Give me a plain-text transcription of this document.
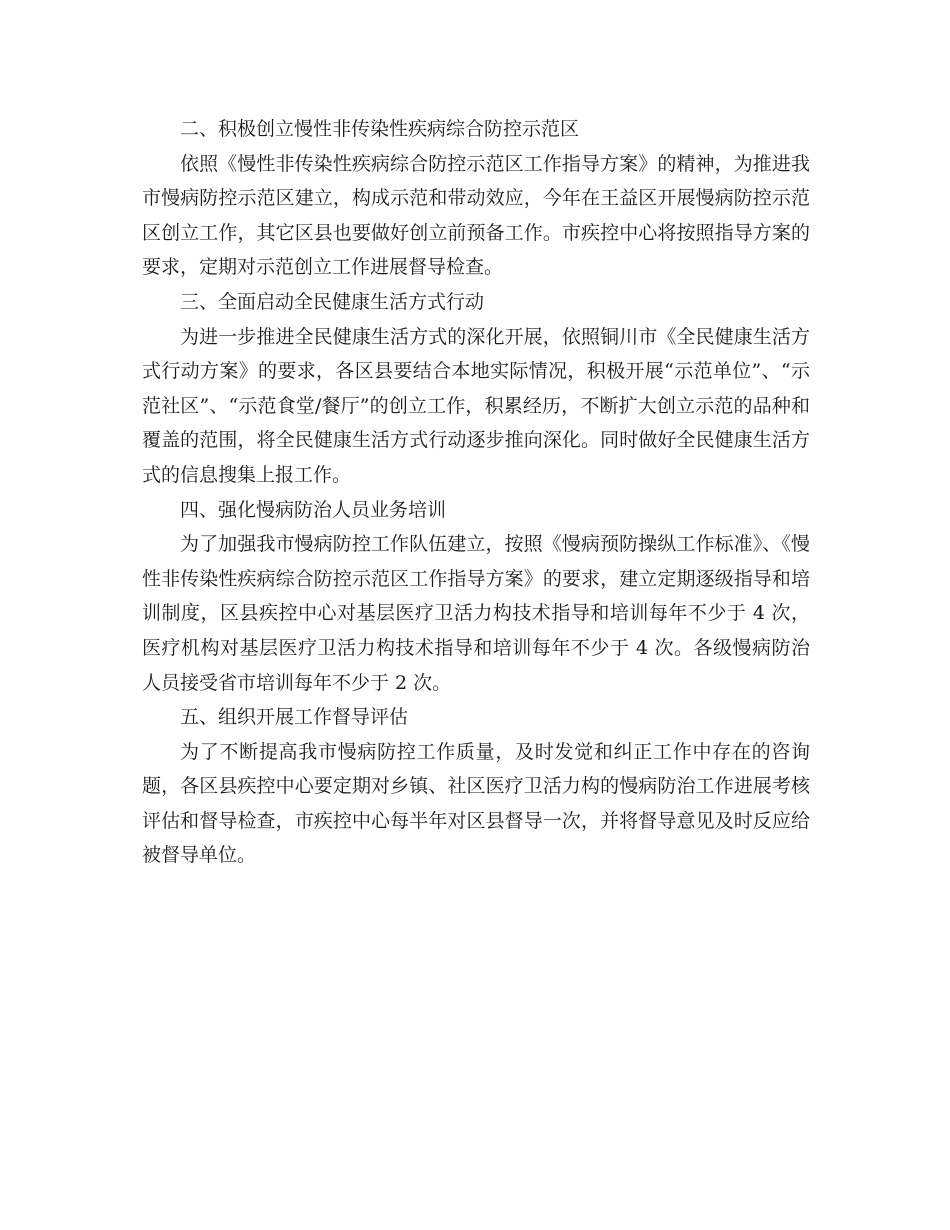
二、积极创立慢性非传染性疾病综合防控示范区

依照《慢性非传染性疾病综合防控示范区工作指导方案》的精神，为推进我市慢病防控示范区建立，构成示范和带动效应，今年在王益区开展慢病防控示范区创立工作，其它区县也要做好创立前预备工作。市疾控中心将按照指导方案的要求，定期对示范创立工作进展督导检查。

三、全面启动全民健康生活方式行动

为进一步推进全民健康生活方式的深化开展，依照铜川市《全民健康生活方式行动方案》的要求，各区县要结合本地实际情况，积极开展“示范单位”、“示范社区”、“示范食堂/餐厅”的创立工作，积累经历，不断扩大创立示范的品种和覆盖的范围，将全民健康生活方式行动逐步推向深化。同时做好全民健康生活方式的信息搜集上报工作。

四、强化慢病防治人员业务培训

为了加强我市慢病防控工作队伍建立，按照《慢病预防操纵工作标准》、《慢性非传染性疾病综合防控示范区工作指导方案》的要求，建立定期逐级指导和培训制度，区县疾控中心对基层医疗卫活力构技术指导和培训每年不少于 4 次，医疗机构对基层医疗卫活力构技术指导和培训每年不少于 4 次。各级慢病防治人员接受省市培训每年不少于 2 次。

五、组织开展工作督导评估

为了不断提高我市慢病防控工作质量，及时发觉和纠正工作中存在的咨询题，各区县疾控中心要定期对乡镇、社区医疗卫活力构的慢病防治工作进展考核评估和督导检查，市疾控中心每半年对区县督导一次，并将督导意见及时反应给被督导单位。
